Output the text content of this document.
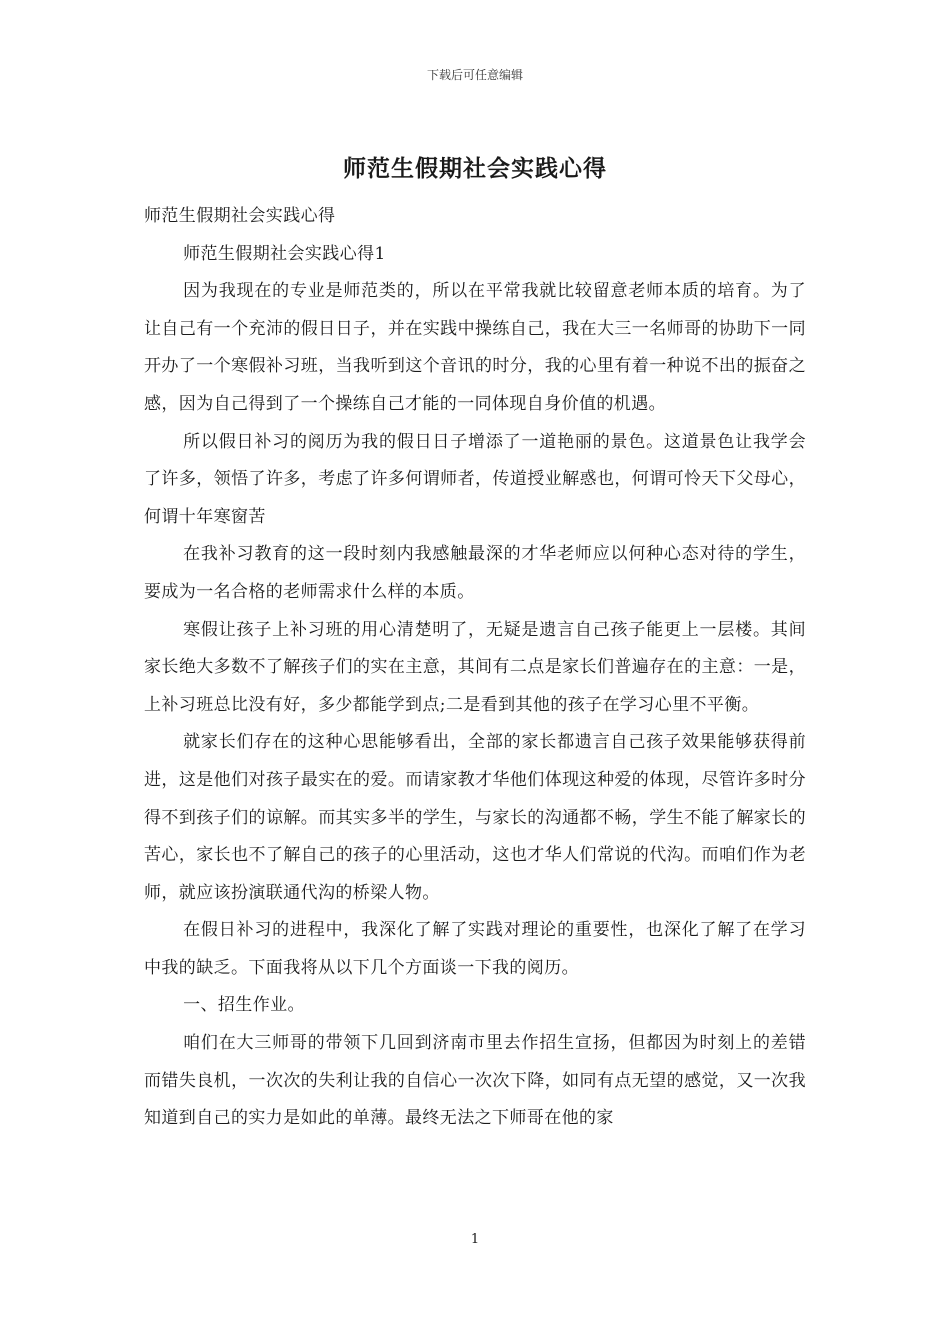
下载后可任意编辑
师范生假期社会实践心得

师范生假期社会实践心得

师范生假期社会实践心得1

因为我现在的专业是师范类的，所以在平常我就比较留意老师本质的培育。为了让自己有一个充沛的假日日子，并在实践中操练自己，我在大三一名师哥的协助下一同开办了一个寒假补习班，当我听到这个音讯的时分，我的心里有着一种说不出的振奋之感，因为自己得到了一个操练自己才能的一同体现自身价值的机遇。

所以假日补习的阅历为我的假日日子增添了一道艳丽的景色。这道景色让我学会了许多，领悟了许多，考虑了许多何谓师者，传道授业解惑也，何谓可怜天下父母心，何谓十年寒窗苦

在我补习教育的这一段时刻内我感触最深的才华老师应以何种心态对待的学生，要成为一名合格的老师需求什么样的本质。

寒假让孩子上补习班的用心清楚明了，无疑是遗言自己孩子能更上一层楼。其间家长绝大多数不了解孩子们的实在主意，其间有二点是家长们普遍存在的主意：一是，上补习班总比没有好，多少都能学到点;二是看到其他的孩子在学习心里不平衡。

就家长们存在的这种心思能够看出，全部的家长都遗言自己孩子效果能够获得前进，这是他们对孩子最实在的爱。而请家教才华他们体现这种爱的体现，尽管许多时分得不到孩子们的谅解。而其实多半的学生，与家长的沟通都不畅，学生不能了解家长的苦心，家长也不了解自己的孩子的心里活动，这也才华人们常说的代沟。而咱们作为老师，就应该扮演联通代沟的桥梁人物。

在假日补习的进程中，我深化了解了实践对理论的重要性，也深化了解了在学习中我的缺乏。下面我将从以下几个方面谈一下我的阅历。

一、招生作业。

咱们在大三师哥的带领下几回到济南市里去作招生宣扬，但都因为时刻上的差错而错失良机，一次次的失利让我的自信心一次次下降，如同有点无望的感觉，又一次我知道到自己的实力是如此的单薄。最终无法之下师哥在他的家

1
